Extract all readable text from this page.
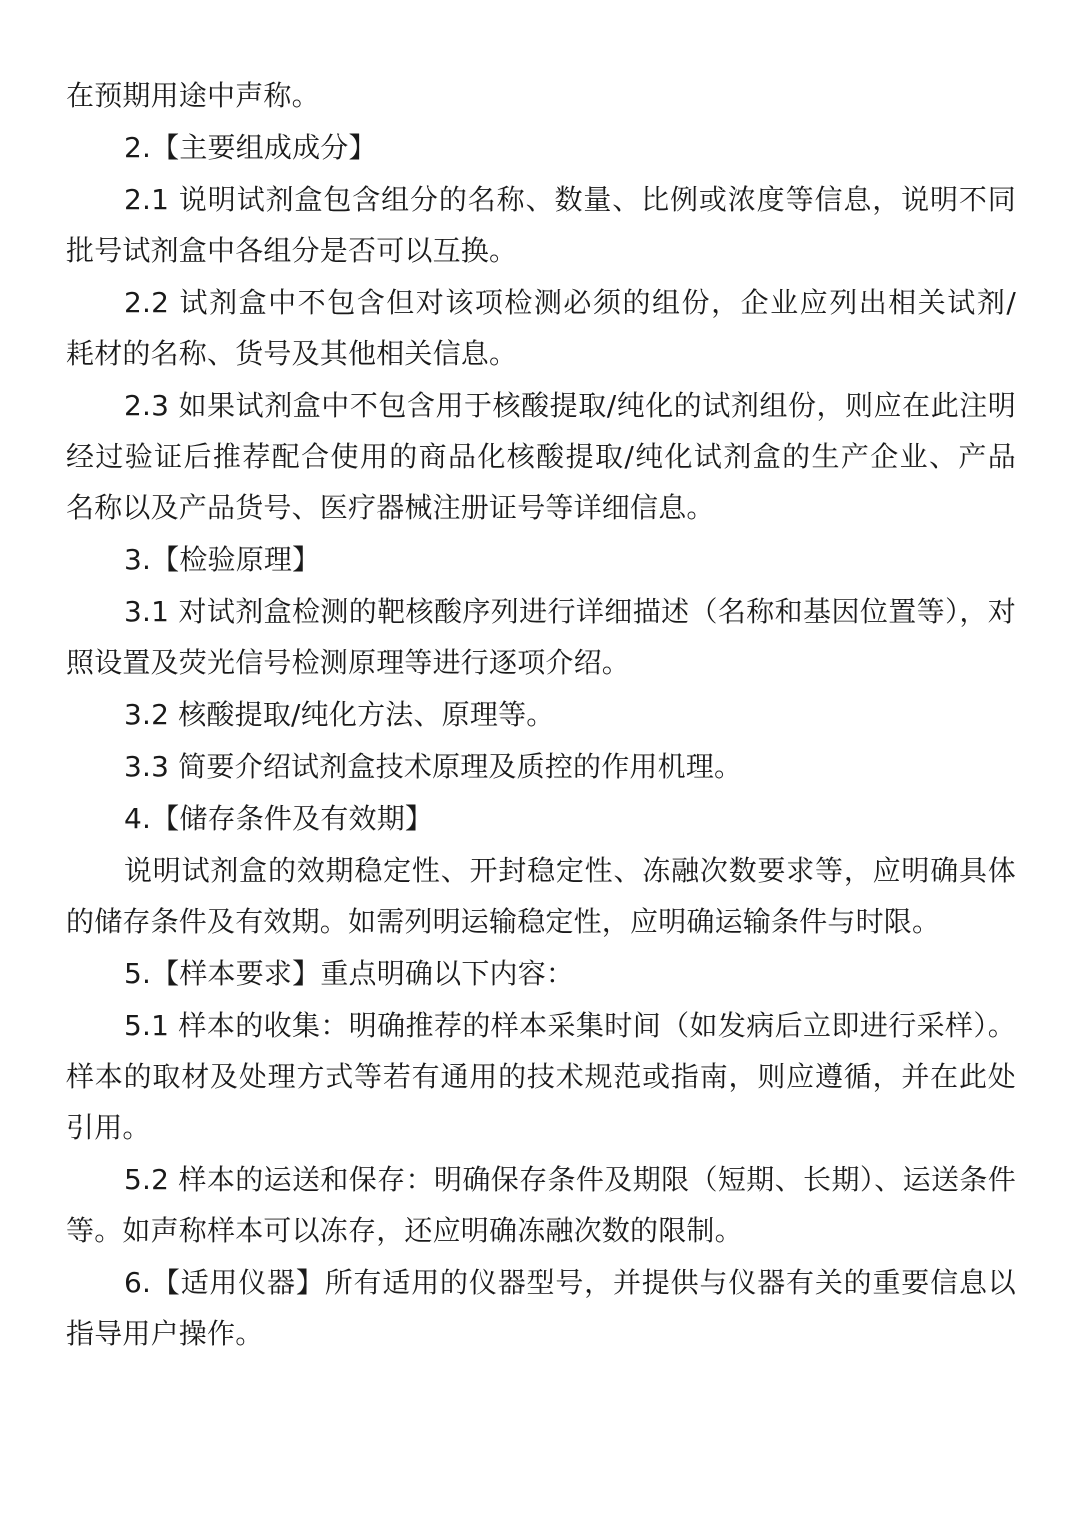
在预期用途中声称。
2.【主要组成成分】
2.1 说明试剂盒包含组分的名称、数量、比例或浓度等信息，说明不同
批号试剂盒中各组分是否可以互换。
2.2 试剂盒中不包含但对该项检测必须的组份，企业应列出相关试剂/
耗材的名称、货号及其他相关信息。
2.3 如果试剂盒中不包含用于核酸提取/纯化的试剂组份，则应在此注明
经过验证后推荐配合使用的商品化核酸提取/纯化试剂盒的生产企业、产品
名称以及产品货号、医疗器械注册证号等详细信息。
3.【检验原理】
3.1 对试剂盒检测的靶核酸序列进行详细描述（名称和基因位置等），对
照设置及荧光信号检测原理等进行逐项介绍。
3.2 核酸提取/纯化方法、原理等。
3.3 简要介绍试剂盒技术原理及质控的作用机理。
4.【储存条件及有效期】
说明试剂盒的效期稳定性、开封稳定性、冻融次数要求等，应明确具体
的储存条件及有效期。如需列明运输稳定性，应明确运输条件与时限。
5.【样本要求】重点明确以下内容：
5.1 样本的收集：明确推荐的样本采集时间（如发病后立即进行采样）。
样本的取材及处理方式等若有通用的技术规范或指南，则应遵循，并在此处
引用。
5.2 样本的运送和保存：明确保存条件及期限（短期、长期）、运送条件
等。如声称样本可以冻存，还应明确冻融次数的限制。
6.【适用仪器】所有适用的仪器型号，并提供与仪器有关的重要信息以
指导用户操作。
